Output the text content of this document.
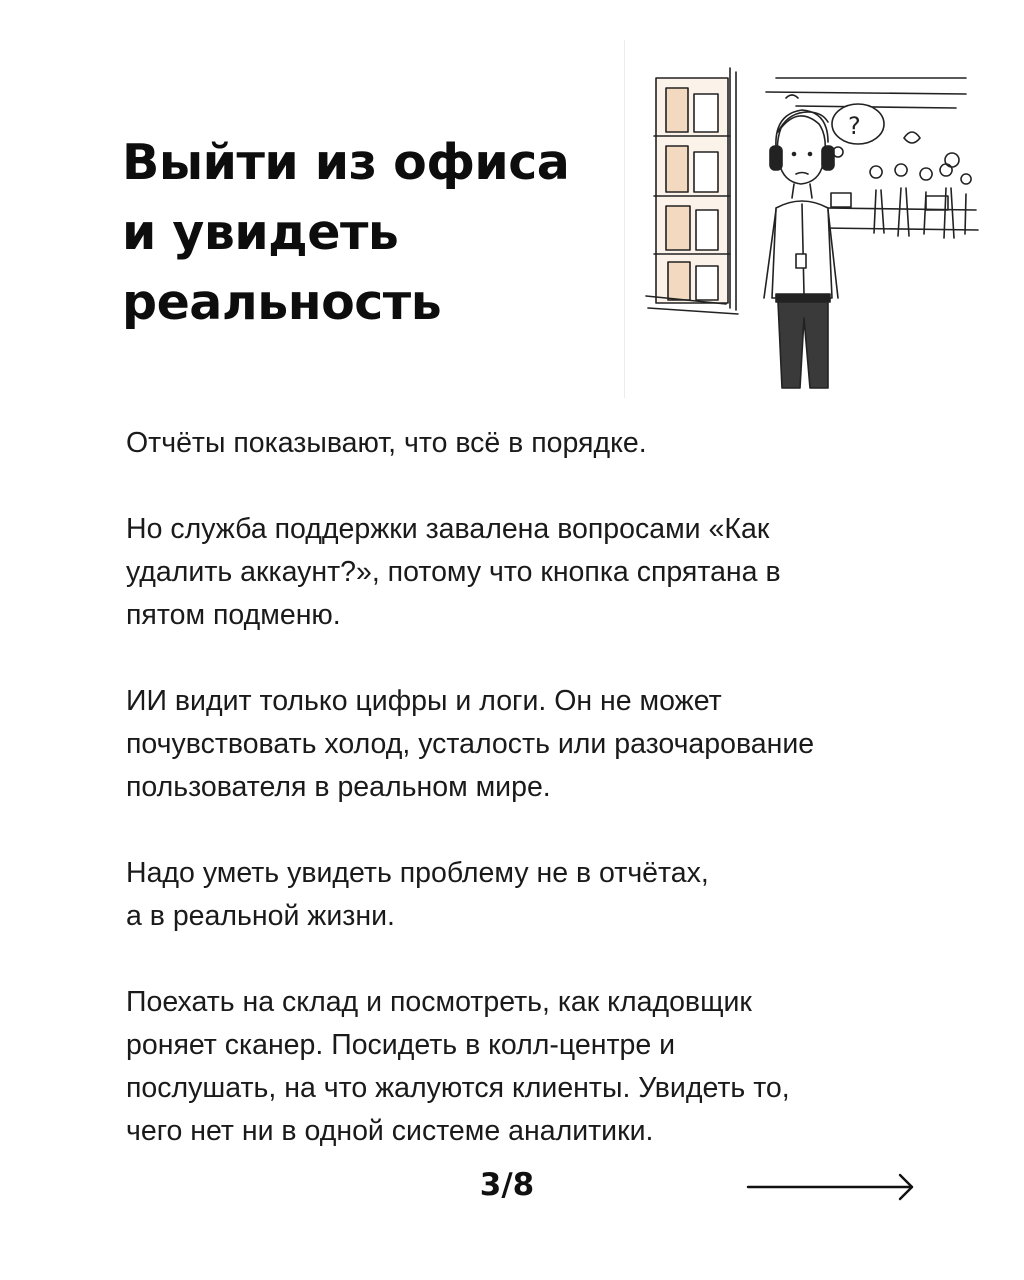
Выйти из офиса
и увидеть
реальность
?

Отчёты показывают, что всё в порядке.

Но служба поддержки завалена вопросами «Как
удалить аккаунт?», потому что кнопка спрятана в
пятом подменю.

ИИ видит только цифры и логи. Он не может
почувствовать холод, усталость или разочарование
пользователя в реальном мире.

Надо уметь увидеть проблему не в отчётах,
а в реальной жизни.

Поехать на склад и посмотреть, как кладовщик
роняет сканер. Посидеть в колл-центре и
послушать, на что жалуются клиенты. Увидеть то,
чего нет ни в одной системе аналитики.

3/8
